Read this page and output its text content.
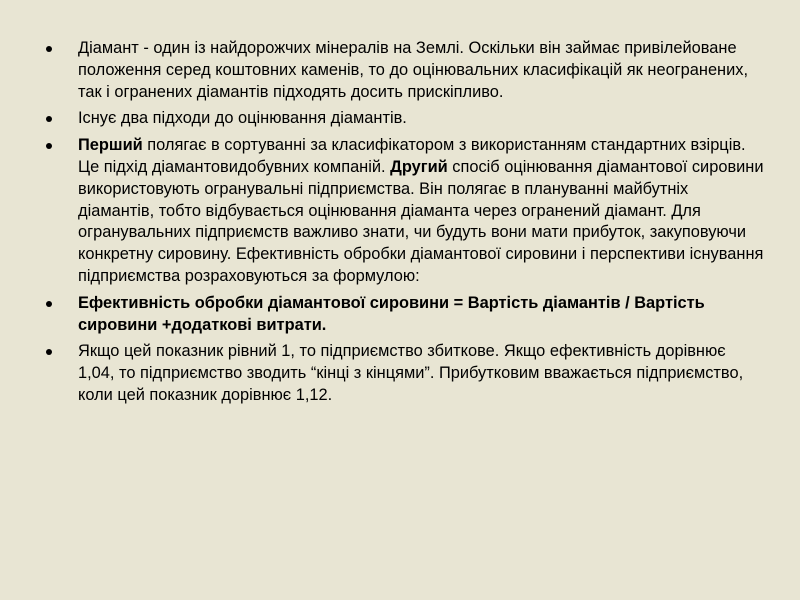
Діамант - один із найдорожчих мінералів на Землі. Оскільки він займає привілейоване положення серед коштовних каменів, то до оцінювальних класифікацій як неогранених, так і огранених діамантів підходять досить прискіпливо.
Існує два підходи до оцінювання діамантів.
Перший полягає в сортуванні за класифікатором з використанням стандартних взірців. Це підхід діамантовидобувних компаній. Другий спосіб оцінювання діамантової сировини використовують огранувальні підприємства. Він полягає в плануванні майбутніх діамантів, тобто відбувається оцінювання діаманта через огранений діамант. Для огранувальних підприємств важливо знати, чи будуть вони мати прибуток, закуповуючи конкретну сировину. Ефективність обробки діамантової сировини і перспективи існування підприємства розраховуються за формулою:
Ефективність обробки діамантової сировини = Вартість діамантів / Вартість сировини +додаткові витрати.
Якщо цей показник рівний 1, то підприємство збиткове. Якщо ефективність дорівнює 1,04, то підприємство зводить “кінці з кінцями”. Прибутковим вважається підприємство, коли цей показник дорівнює 1,12.
